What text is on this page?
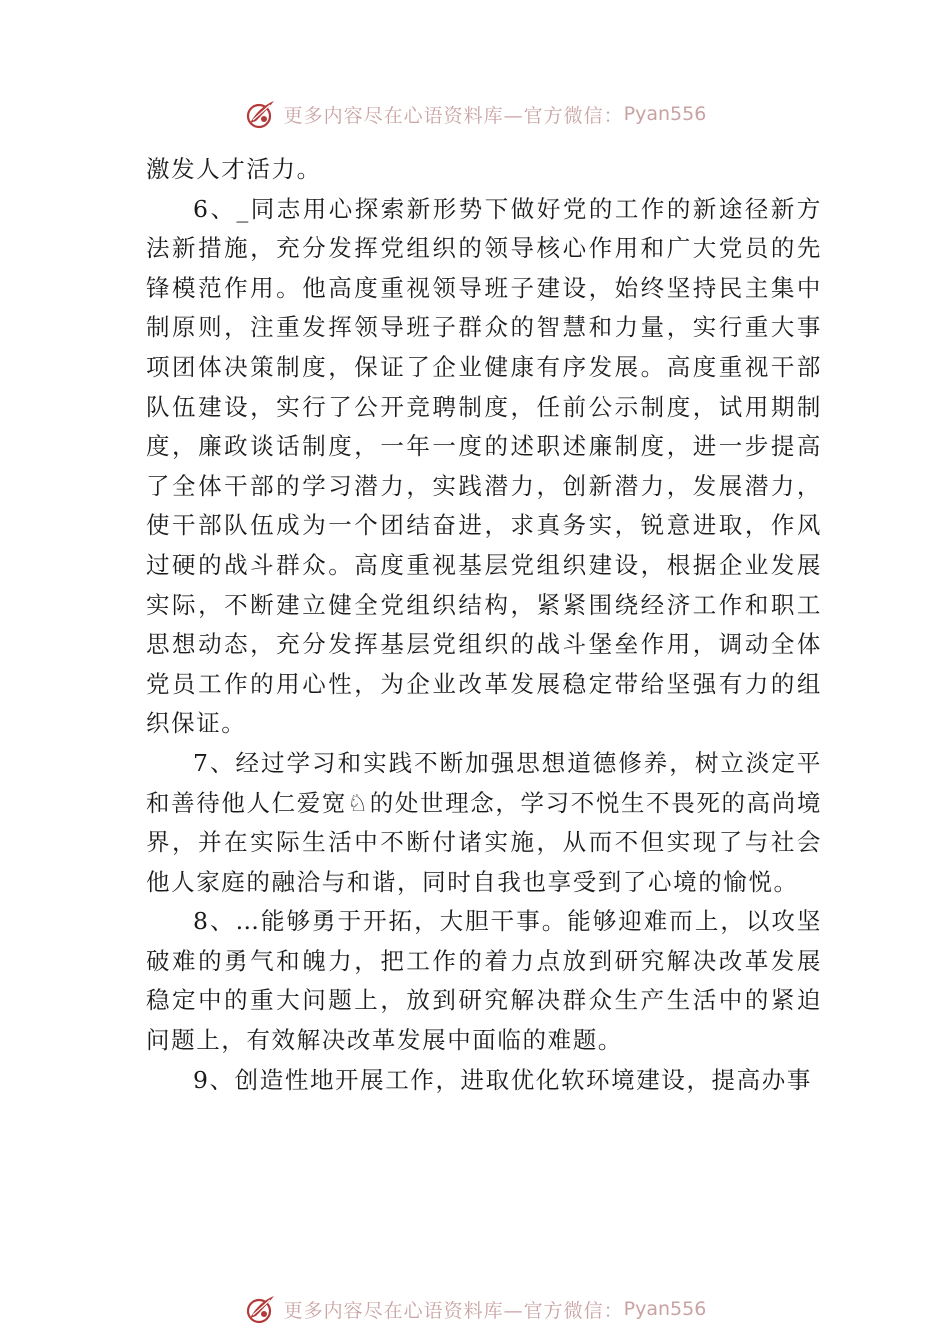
更多内容尽在心语资料库—官方微信： Pyan556

激发人才活力。

6、_同志用心探索新形势下做好党的工作的新途径新方法新措施，充分发挥党组织的领导核心作用和广大党员的先锋模范作用。他高度重视领导班子建设，始终坚持民主集中制原则，注重发挥领导班子群众的智慧和力量，实行重大事项团体决策制度，保证了企业健康有序发展。高度重视干部队伍建设，实行了公开竞聘制度，任前公示制度，试用期制度，廉政谈话制度，一年一度的述职述廉制度，进一步提高了全体干部的学习潜力，实践潜力，创新潜力，发展潜力， 使干部队伍成为一个团结奋进，求真务实，锐意进取，作风过硬的战斗群众。高度重视基层党组织建设，根据企业发展实际，不断建立健全党组织结构，紧紧围绕经济工作和职工思想动态，充分发挥基层党组织的战斗堡垒作用，调动全体党员工作的用心性，为企业改革发展稳定带给坚强有力的组织保证。

7、经过学习和实践不断加强思想道德修养，树立淡定平和善待他人仁爱宽♘的处世理念，学习不悦生不畏死的高尚境界，并在实际生活中不断付诸实施，从而不但实现了与社会他人家庭的融洽与和谐，同时自我也享受到了心境的愉悦。

8、…能够勇于开拓，大胆干事。能够迎难而上，以攻坚破难的勇气和魄力，把工作的着力点放到研究解决改革发展稳定中的重大问题上，放到研究解决群众生产生活中的紧迫问题上，有效解决改革发展中面临的难题。

9、创造性地开展工作，进取优化软环境建设，提高办事

更多内容尽在心语资料库—官方微信： Pyan556
